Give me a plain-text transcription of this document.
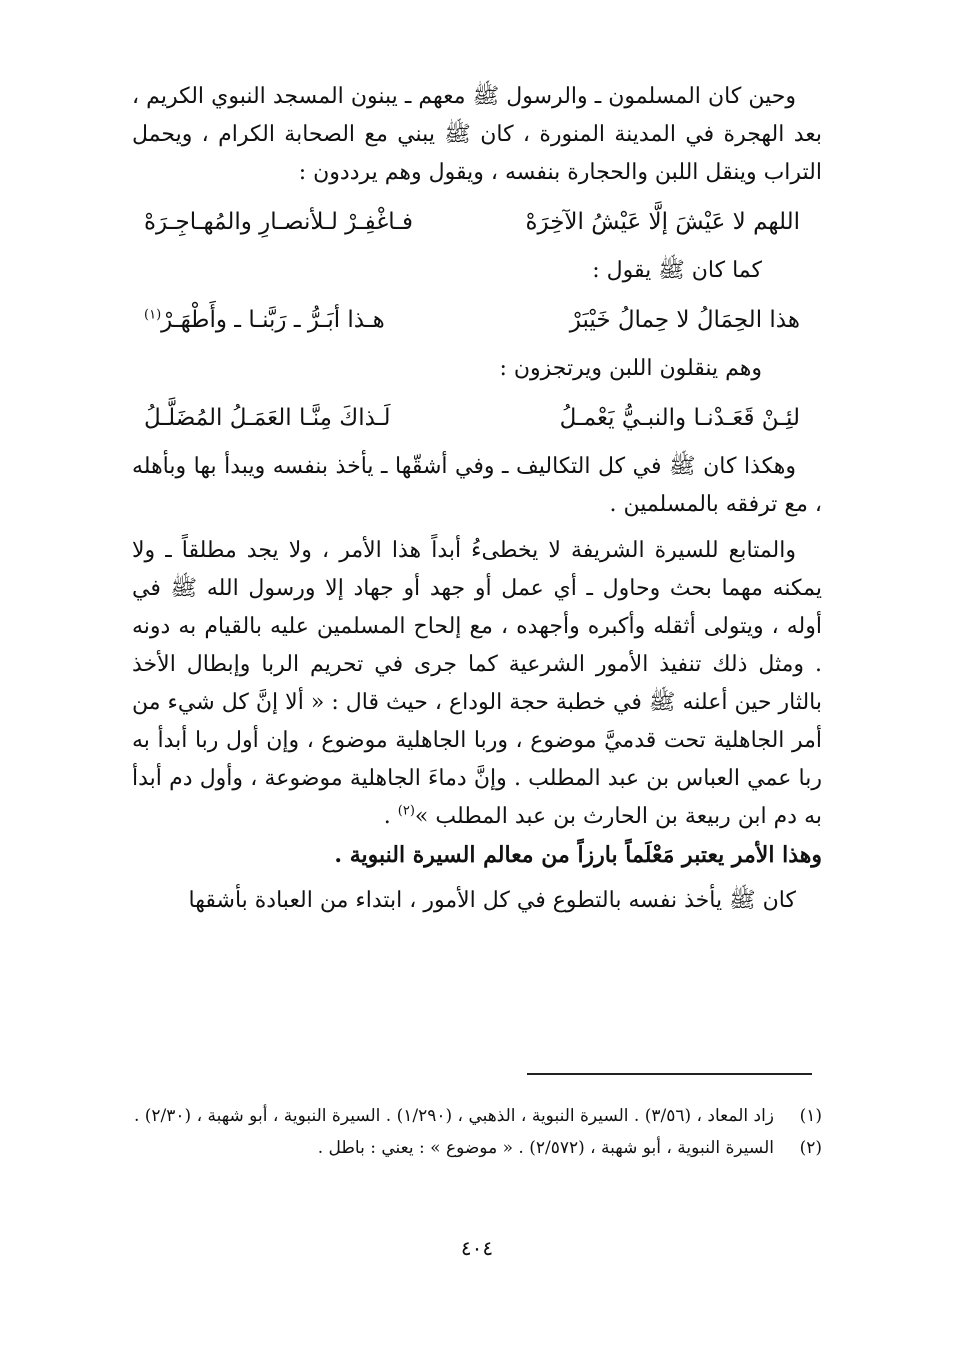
وحين كان المسلمون ـ والرسول ﷺ معهم ـ يبنون المسجد النبوي الكريم ، بعد الهجرة في المدينة المنورة ، كان ﷺ يبني مع الصحابة الكرام ، ويحمل التراب وينقل اللبن والحجارة بنفسه ، ويقول وهم يرددون :

اللهم لا عَيْشَ إلَّا عَيْشُ الآخِرَهْ
فـاغْفِـرْ لـلأنصـارِ والمُهـاجِـرَهْ

كما كان ﷺ يقول :

هذا الحِمَالُ لا حِمالُ خَيْبَرْ
هـذا أبَـرُّ ـ رَبَّنـا ـ وأَطْهَـرْ$^{(١)}$

وهم ينقلون اللبن ويرتجزون :

لئِـنْ قَعَـدْنـا والنبـيُّ يَعْمـلُ
لَـذاكَ مِنَّـا العَمَـلُ المُضَلَّـلُ

وهكذا كان ﷺ في كل التكاليف ـ وفي أشقّها ـ يأخذ بنفسه ويبدأ بها وبأهله ، مع ترفقه بالمسلمين .

والمتابع للسيرة الشريفة لا يخطىءُ أبداً هذا الأمر ، ولا يجد مطلقاً ـ ولا يمكنه مهما بحث وحاول ـ أي عمل أو جهد أو جهاد إلا ورسول الله ﷺ في أوله ، ويتولى أثقله وأكبره وأجهده ، مع إلحاح المسلمين عليه بالقيام به دونه . ومثل ذلك تنفيذ الأمور الشرعية كما جرى في تحريم الربا وإبطال الأخذ بالثار حين أعلنه ﷺ في خطبة حجة الوداع ، حيث قال : « ألا إنَّ كل شيء من أمر الجاهلية تحت قدميَّ موضوع ، وربا الجاهلية موضوع ، وإن أول ربا أبدأ به ربا عمي العباس بن عبد المطلب . وإنَّ دماءَ الجاهلية موضوعة ، وأول دم أبدأ به دم ابن ربيعة بن الحارث بن عبد المطلب »$^{(٢)}$ .

وهذا الأمر يعتبر مَعْلَماً بارزاً من معالم السيرة النبوية .

كان ﷺ يأخذ نفسه بالتطوع في كل الأمور ، ابتداء من العبادة بأشقها

(١)
زاد المعاد ، (٣/٥٦) . السيرة النبوية ، الذهبي ، (١/٢٩٠) . السيرة النبوية ، أبو شهبة ، (٢/٣٠) .
(٢)
السيرة النبوية ، أبو شهبة ، (٢/٥٧٢) . « موضوع » : يعني : باطل .
٤٠٤
